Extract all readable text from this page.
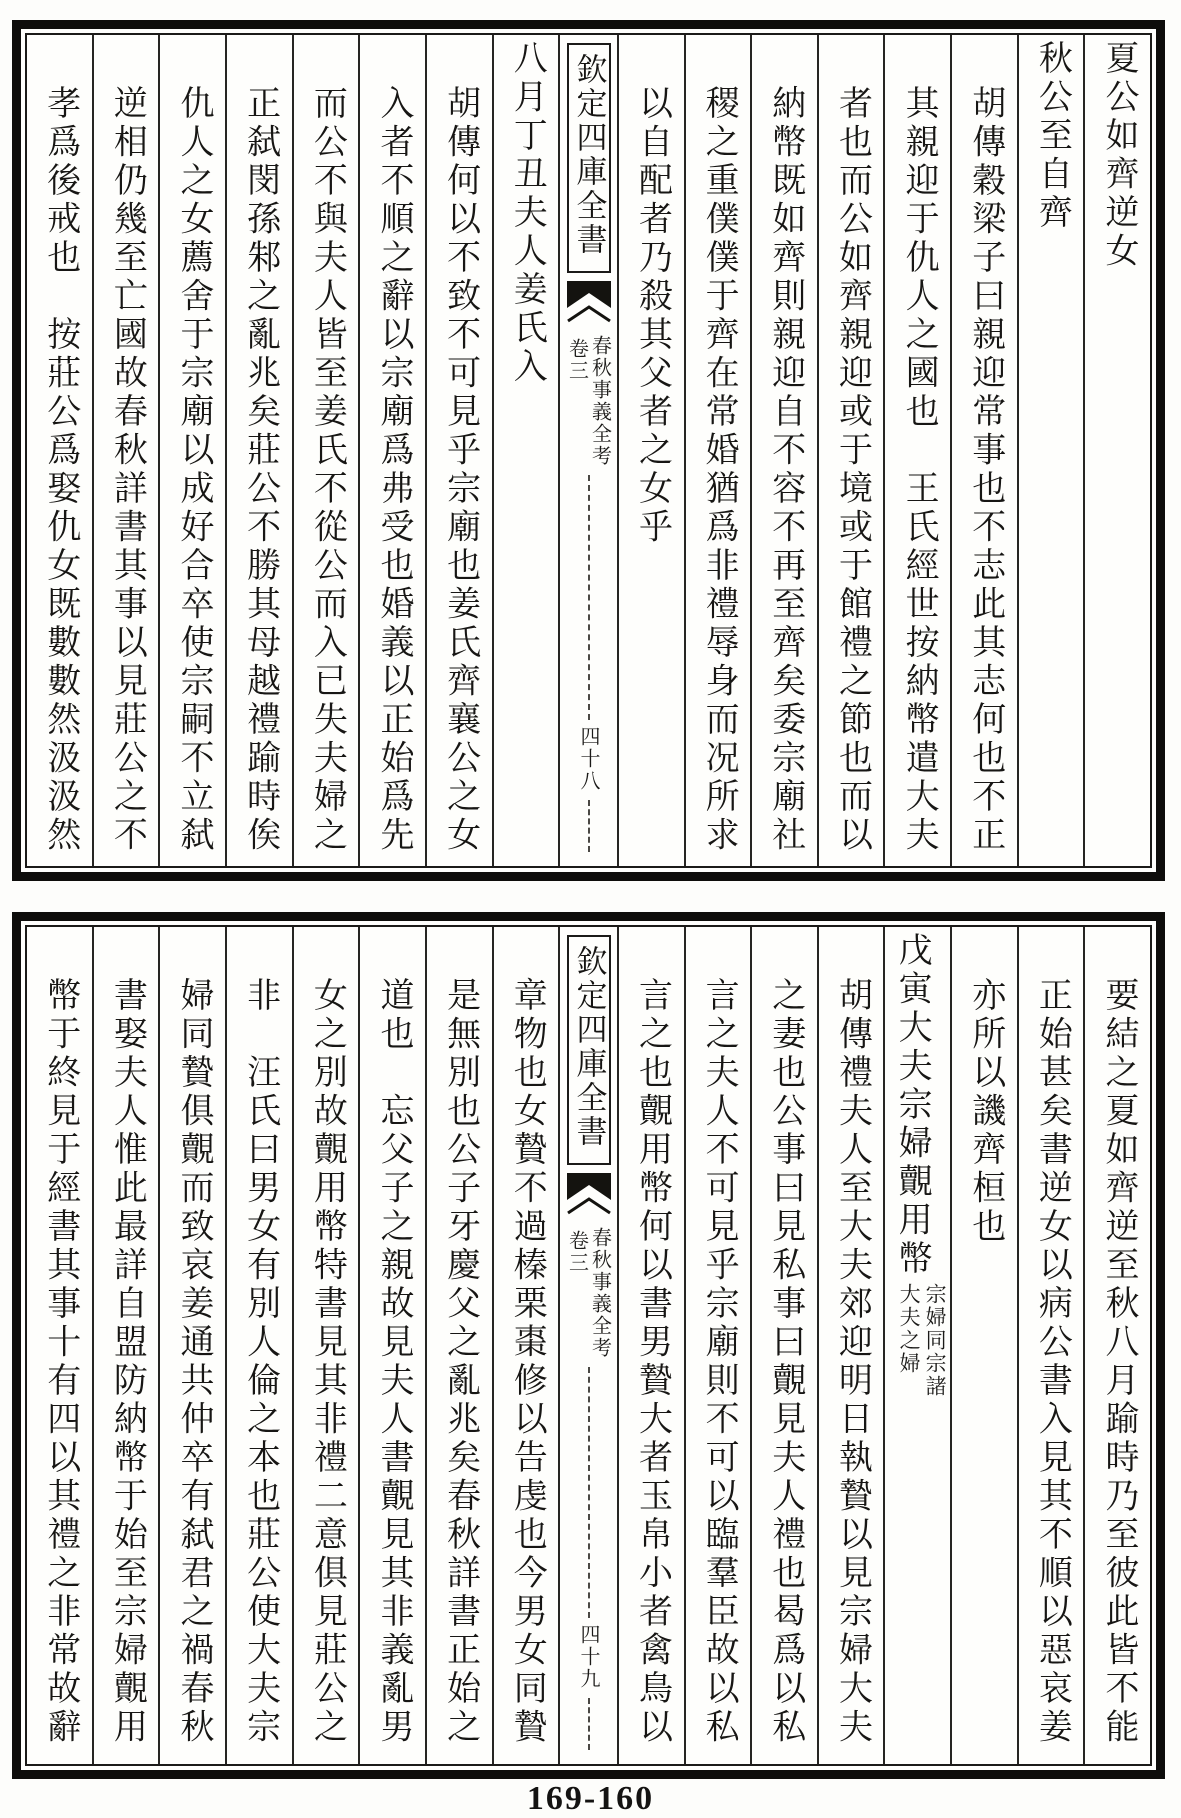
夏公如齊逆女
秋公至自齊
胡傳穀梁子曰親迎常事也不志此其志何也不正
其親迎于仇人之國也　王氏經世按納幣遣大夫
者也而公如齊親迎或于境或于館禮之節也而以
納幣既如齊則親迎自不容不再至齊矣委宗廟社
稷之重僕僕于齊在常婚猶爲非禮辱身而况所求
以自配者乃殺其父者之女乎
欽定四庫全書
春秋事義全考
卷三
四十八
八月丁丑夫人姜氏入
胡傳何以不致不可見乎宗廟也姜氏齊襄公之女
入者不順之辭以宗廟爲弗受也婚義以正始爲先
而公不與夫人皆至姜氏不從公而入已失夫婦之
正弑閔孫邾之亂兆矣莊公不勝其母越禮踰時俟
仇人之女薦舍于宗廟以成好合卒使宗嗣不立弑
逆相仍幾至亡國故春秋詳書其事以見莊公之不
孝爲後戒也　按莊公爲娶仇女既數數然汲汲然
要結之夏如齊逆至秋八月踰時乃至彼此皆不能
正始甚矣書逆女以病公書入見其不順以惡哀姜
亦所以譏齊桓也
戊寅大夫宗婦覿用幣
宗婦同宗諸
大夫之婦
胡傳禮夫人至大夫郊迎明日執贄以見宗婦大夫
之妻也公事曰見私事曰覿見夫人禮也曷爲以私
言之夫人不可見乎宗廟則不可以臨羣臣故以私
言之也覿用幣何以書男贄大者玉帛小者禽鳥以
欽定四庫全書
春秋事義全考
卷三
四十九
章物也女贄不過榛栗棗修以告虔也今男女同贄
是無別也公子牙慶父之亂兆矣春秋詳書正始之
道也　忘父子之親故見夫人書覿見其非義亂男
女之別故覿用幣特書見其非禮二意俱見莊公之
非　汪氏曰男女有別人倫之本也莊公使大夫宗
婦同贄俱覿而致哀姜通共仲卒有弑君之禍春秋
書娶夫人惟此最詳自盟防納幣于始至宗婦覿用
幣于終見于經書其事十有四以其禮之非常故辭
169-160
